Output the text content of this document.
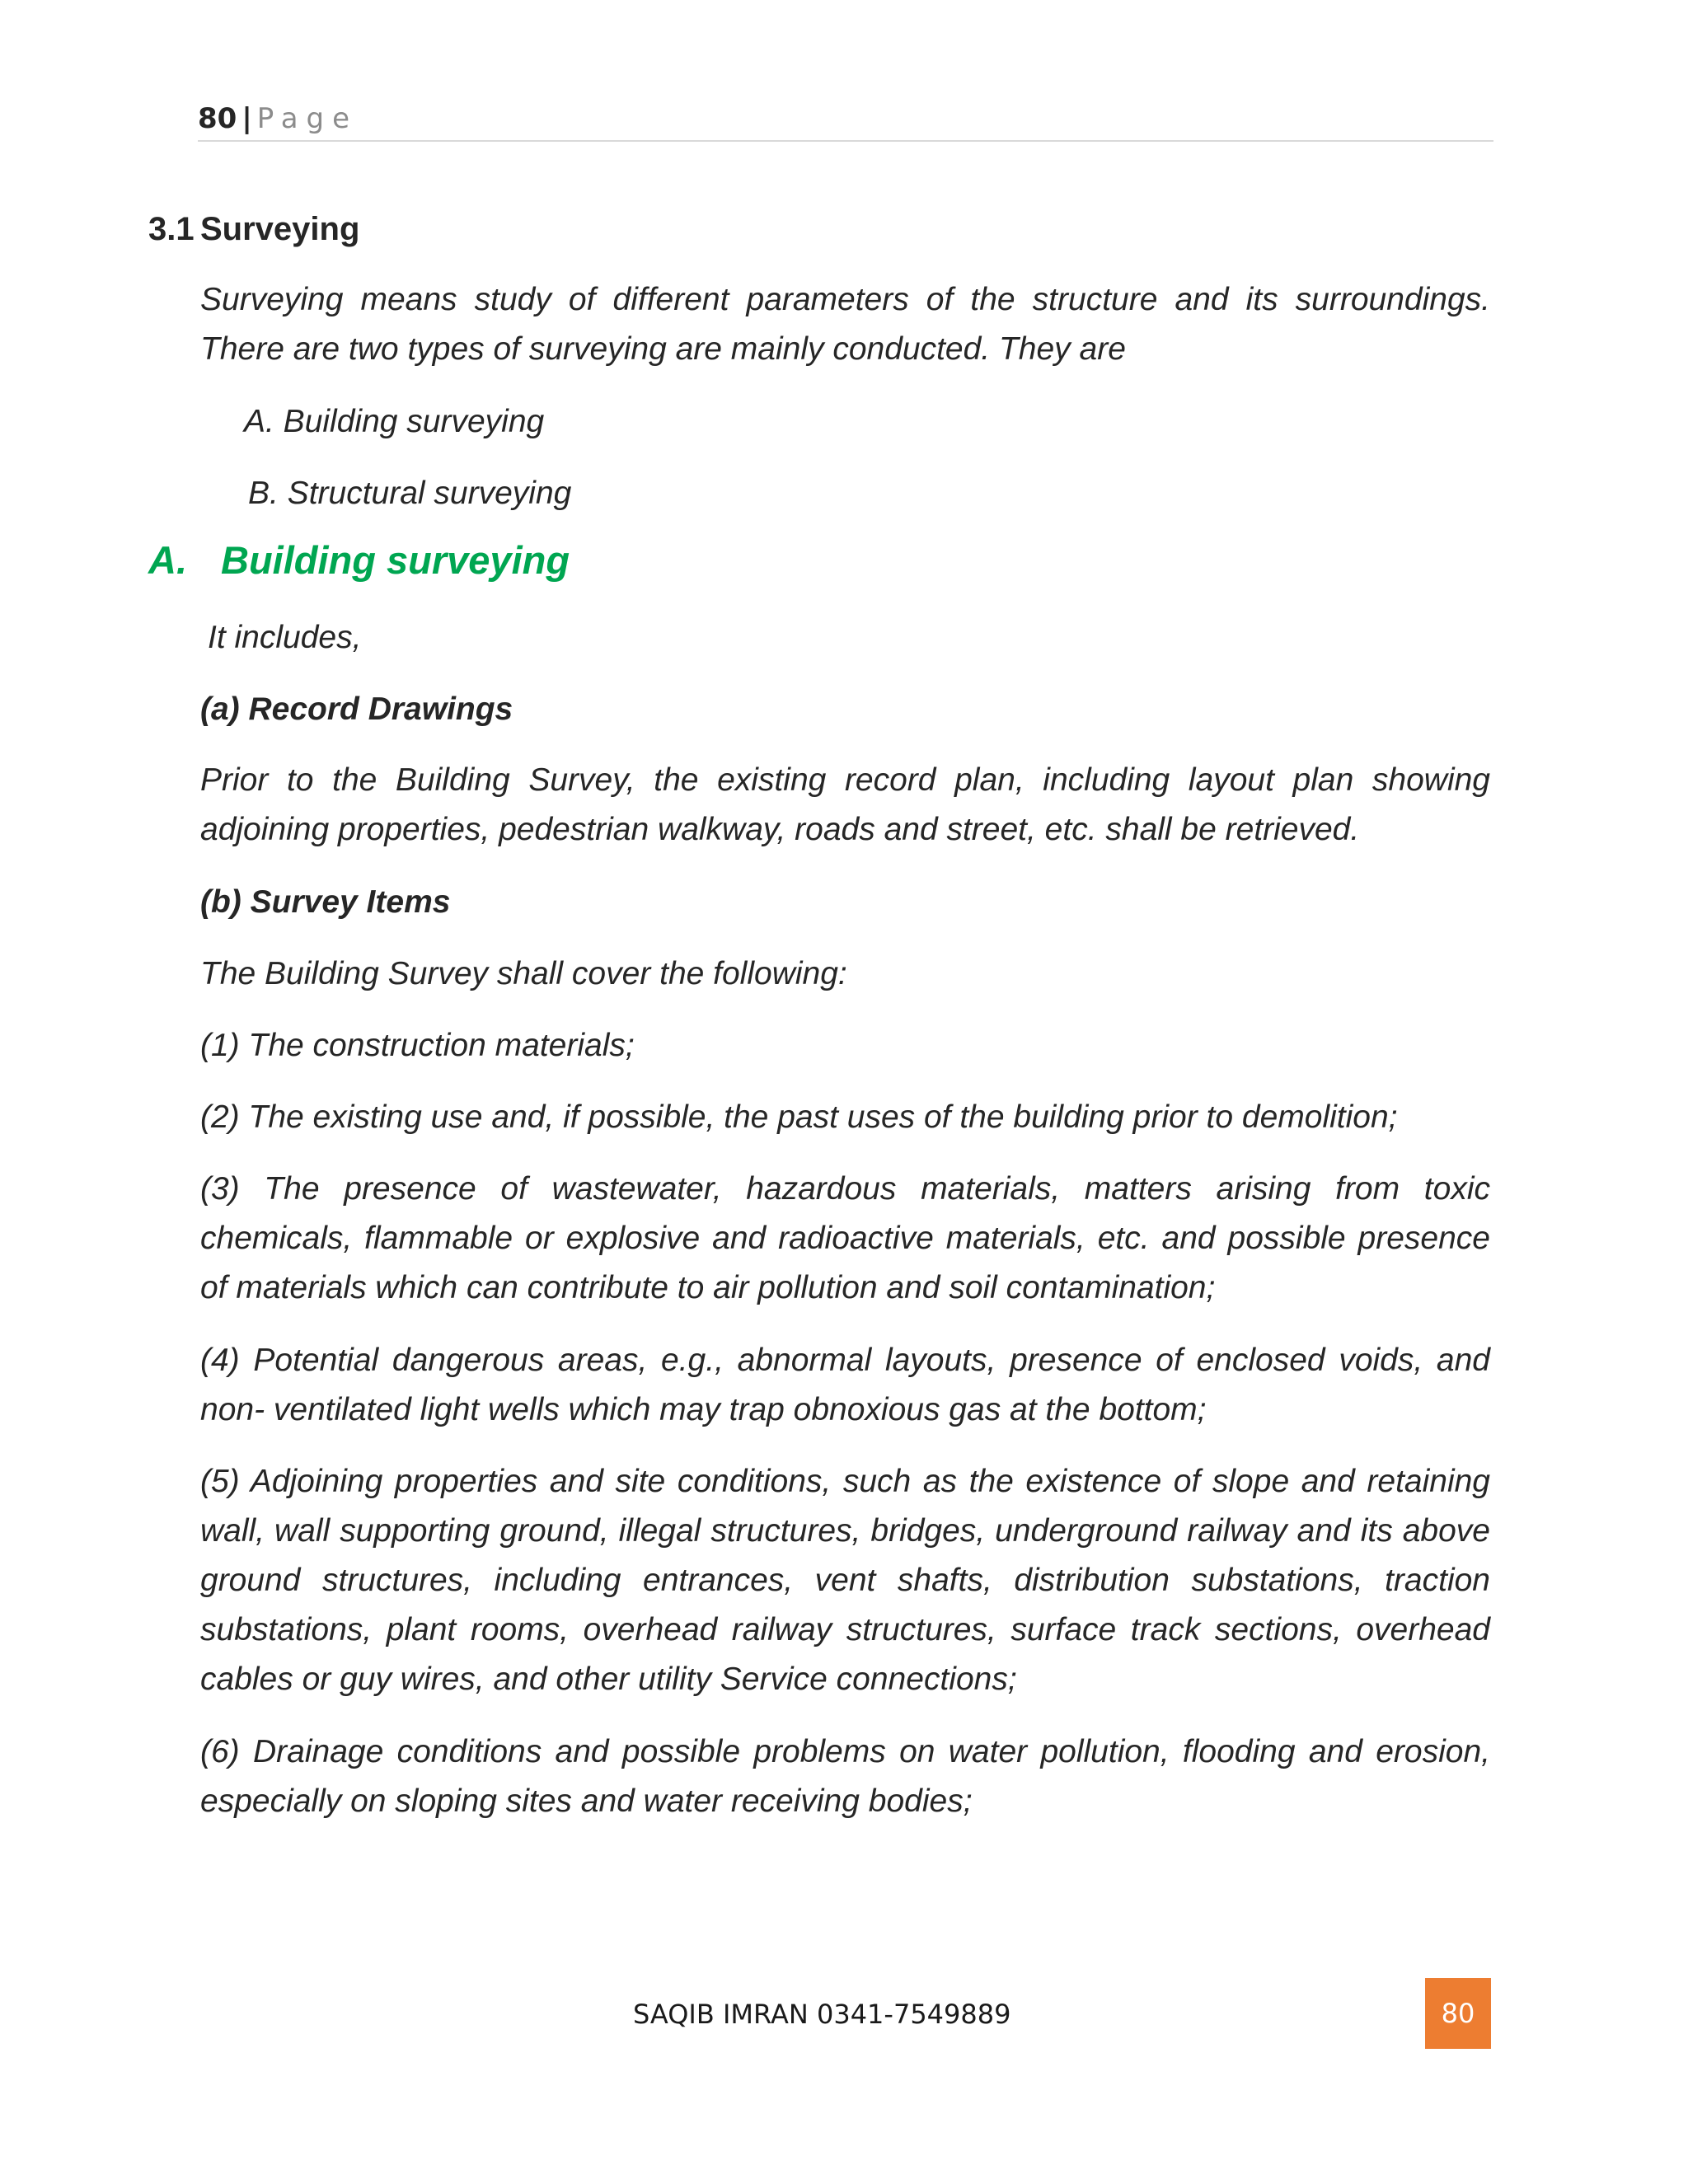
80 | Page
3.1 Surveying
Surveying means study of different parameters of the structure and its surroundings. There are two types of surveying are mainly conducted. They are
A. Building surveying
B. Structural surveying
A. Building surveying
It includes,
(a) Record Drawings
Prior to the Building Survey, the existing record plan, including layout plan showing adjoining properties, pedestrian walkway, roads and street, etc. shall be retrieved.
(b) Survey Items
The Building Survey shall cover the following:
(1) The construction materials;
(2) The existing use and, if possible, the past uses of the building prior to demolition;
(3) The presence of wastewater, hazardous materials, matters arising from toxic chemicals, flammable or explosive and radioactive materials, etc. and possible presence of materials which can contribute to air pollution and soil contamination;
(4) Potential dangerous areas, e.g., abnormal layouts, presence of enclosed voids, and non- ventilated light wells which may trap obnoxious gas at the bottom;
(5) Adjoining properties and site conditions, such as the existence of slope and retaining wall, wall supporting ground, illegal structures, bridges, underground railway and its above ground structures, including entrances, vent shafts, distribution substations, traction substations, plant rooms, overhead railway structures, surface track sections, overhead cables or guy wires, and other utility Service connections;
(6) Drainage conditions and possible problems on water pollution, flooding and erosion, especially on sloping sites and water receiving bodies;
SAQIB IMRAN 0341-7549889	80
